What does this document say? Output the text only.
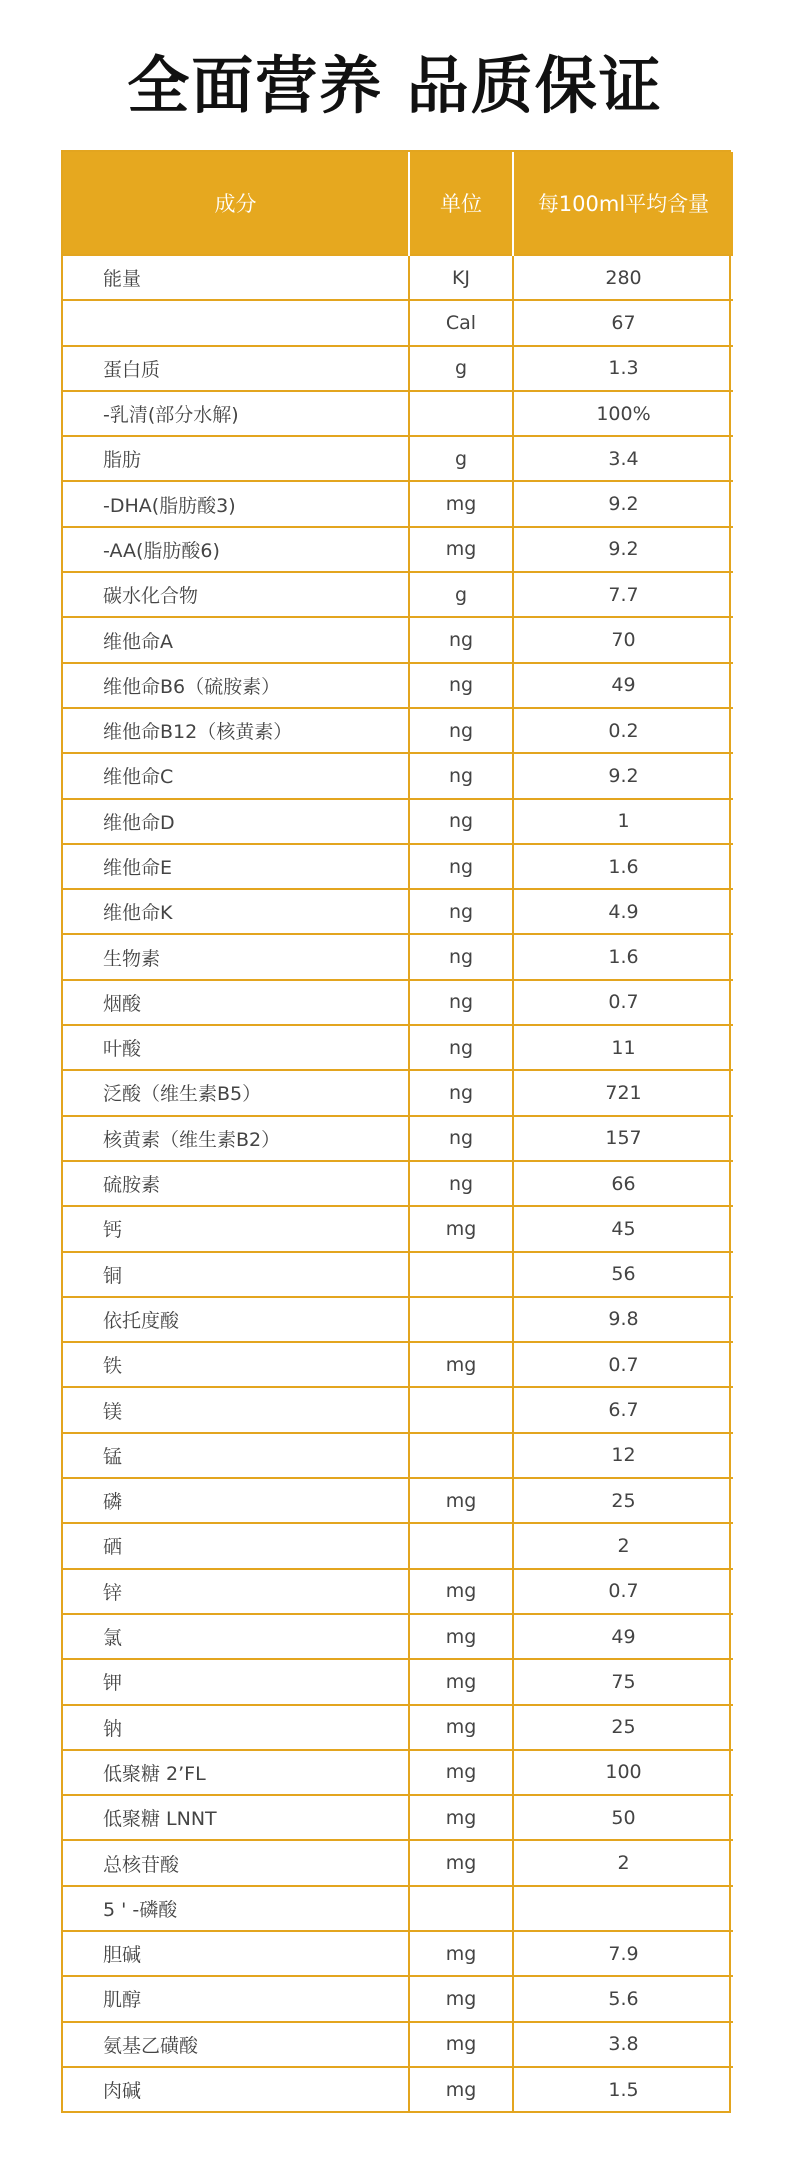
全面营养 品质保证
成分	单位	每100ml平均含量
能量	KJ	280
	Cal	67
蛋白质	g	1.3
-乳清(部分水解)		100%
脂肪	g	3.4
-DHA(脂肪酸3)	mg	9.2
-AA(脂肪酸6)	mg	9.2
碳水化合物	g	7.7
维他命A	ng	70
维他命B6（硫胺素）	ng	49
维他命B12（核黄素）	ng	0.2
维他命C	ng	9.2
维他命D	ng	1
维他命E	ng	1.6
维他命K	ng	4.9
生物素	ng	1.6
烟酸	ng	0.7
叶酸	ng	11
泛酸（维生素B5）	ng	721
核黄素（维生素B2）	ng	157
硫胺素	ng	66
钙	mg	45
铜		56
依托度酸		9.8
铁	mg	0.7
镁		6.7
锰		12
磷	mg	25
硒		2
锌	mg	0.7
氯	mg	49
钾	mg	75
钠	mg	25
低聚糖 2’FL	mg	100
低聚糖 LNNT	mg	50
总核苷酸	mg	2
5 ' -磷酸		
胆碱	mg	7.9
肌醇	mg	5.6
氨基乙磺酸	mg	3.8
肉碱	mg	1.5
